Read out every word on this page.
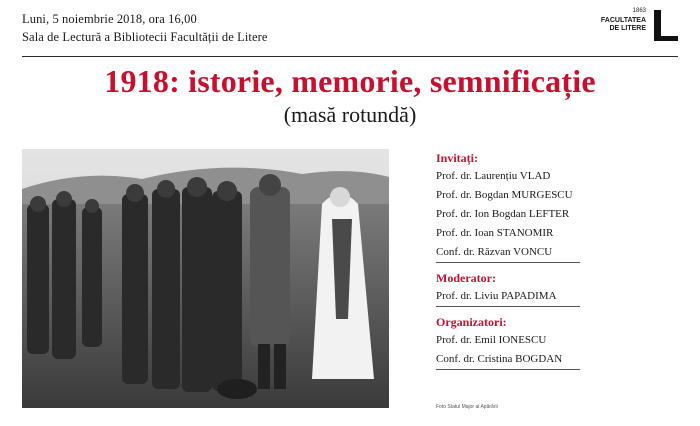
Luni, 5 noiembrie 2018, ora 16,00
Sala de Lectură a Bibliotecii Facultății de Litere
1863
FACULTATEA
DE LITERE
1918: istorie, memorie, semnificație
(masă rotundă)
Foto Statul Major al Apărării
Invitați:
Prof. dr. Laurențiu VLAD
Prof. dr. Bogdan MURGESCU
Prof. dr. Ion Bogdan LEFTER
Prof. dr. Ioan STANOMIR
Conf. dr. Răzvan VONCU
Moderator:
Prof. dr. Liviu PAPADIMA
Organizatori:
Prof. dr. Emil IONESCU
Conf. dr. Cristina BOGDAN
